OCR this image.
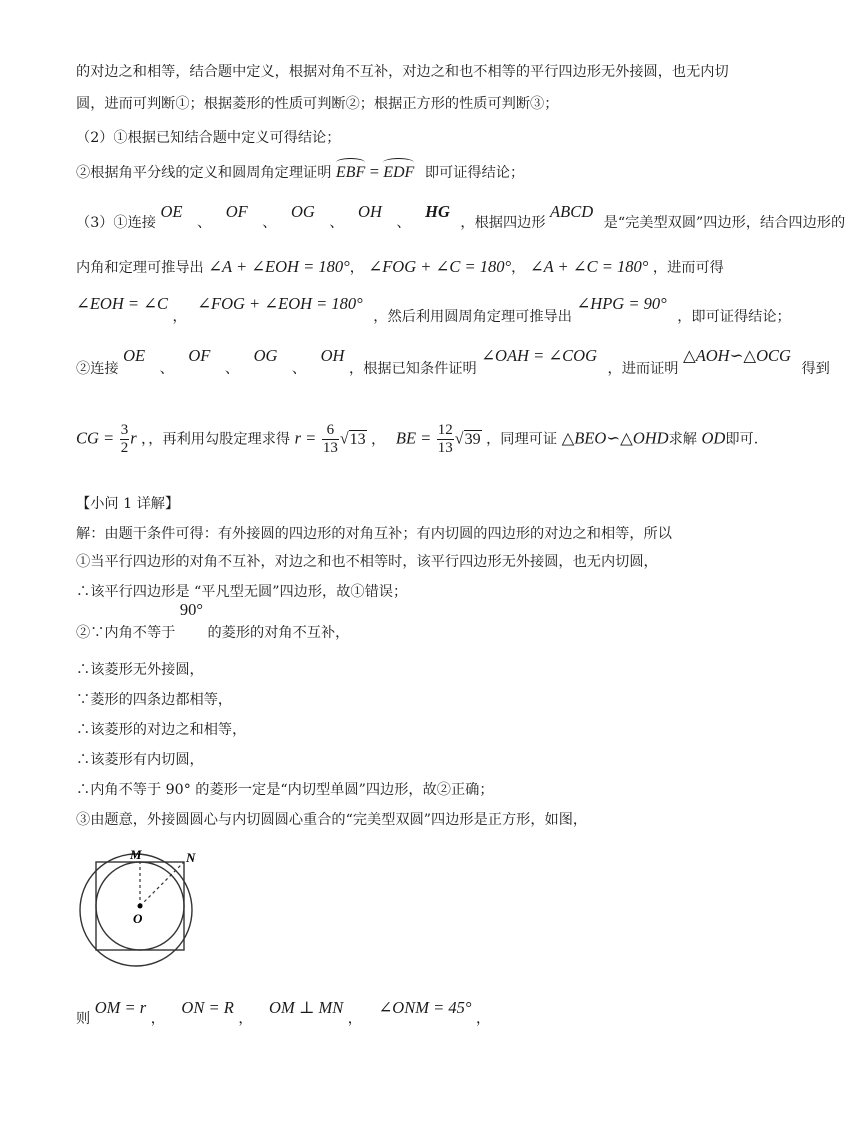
的对边之和相等，结合题中定义，根据对角不互补，对边之和也不相等的平行四边形无外接圆，也无内切
圆，进而可判断①；根据菱形的性质可判断②；根据正方形的性质可判断③；
（2）①根据已知结合题中定义可得结论；
②根据角平分线的定义和圆周角定理证明 EBF = EDF 即可证得结论；
（3）①连接 OE 、 OF 、 OG 、 OH 、 HG ，根据四边形 ABCD 是“完美型双圆”四边形，结合四边形的
内角和定理可推导出 ∠A + ∠EOH = 180°， ∠FOG + ∠C = 180°， ∠A + ∠C = 180° ，进而可得
∠EOH = ∠C ， ∠FOG + ∠EOH = 180° ，然后利用圆周角定理可推导出 ∠HPG = 90° ，即可证得结论；
②连接 OE 、 OF 、 OG 、 OH ，根据已知条件证明 ∠OAH = ∠COG ，进而证明 △AOH∽△OCG 得到
CG = $\frac{3}{2}$ r ，，再利用勾股定理求得 $r = \frac{6}{13} √13$ ， BE = $\frac{12}{13} √39$ ，同理可证 △BEO∽△OHD求解 OD即可.
【小问 1 详解】
解：由题干条件可得：有外接圆的四边形的对角互补；有内切圆的四边形的对边之和相等，所以
①当平行四边形的对角不互补，对边之和也不相等时，该平行四边形无外接圆，也无内切圆，
∴该平行四边形是 “平凡型无圆”四边形，故①错误；
②∵内角不等于 90° 的菱形的对角不互补，
∴该菱形无外接圆，
∵菱形的四条边都相等，
∴该菱形的对边之和相等，
∴该菱形有内切圆，
∴内角不等于 90° 的菱形一定是“内切型单圆”四边形，故②正确；
③由题意，外接圆圆心与内切圆圆心重合的“完美型双圆”四边形是正方形，如图，
M	N
O
则 OM = r ， ON = R ， OM ⊥ MN ， ∠ONM = 45° ，
